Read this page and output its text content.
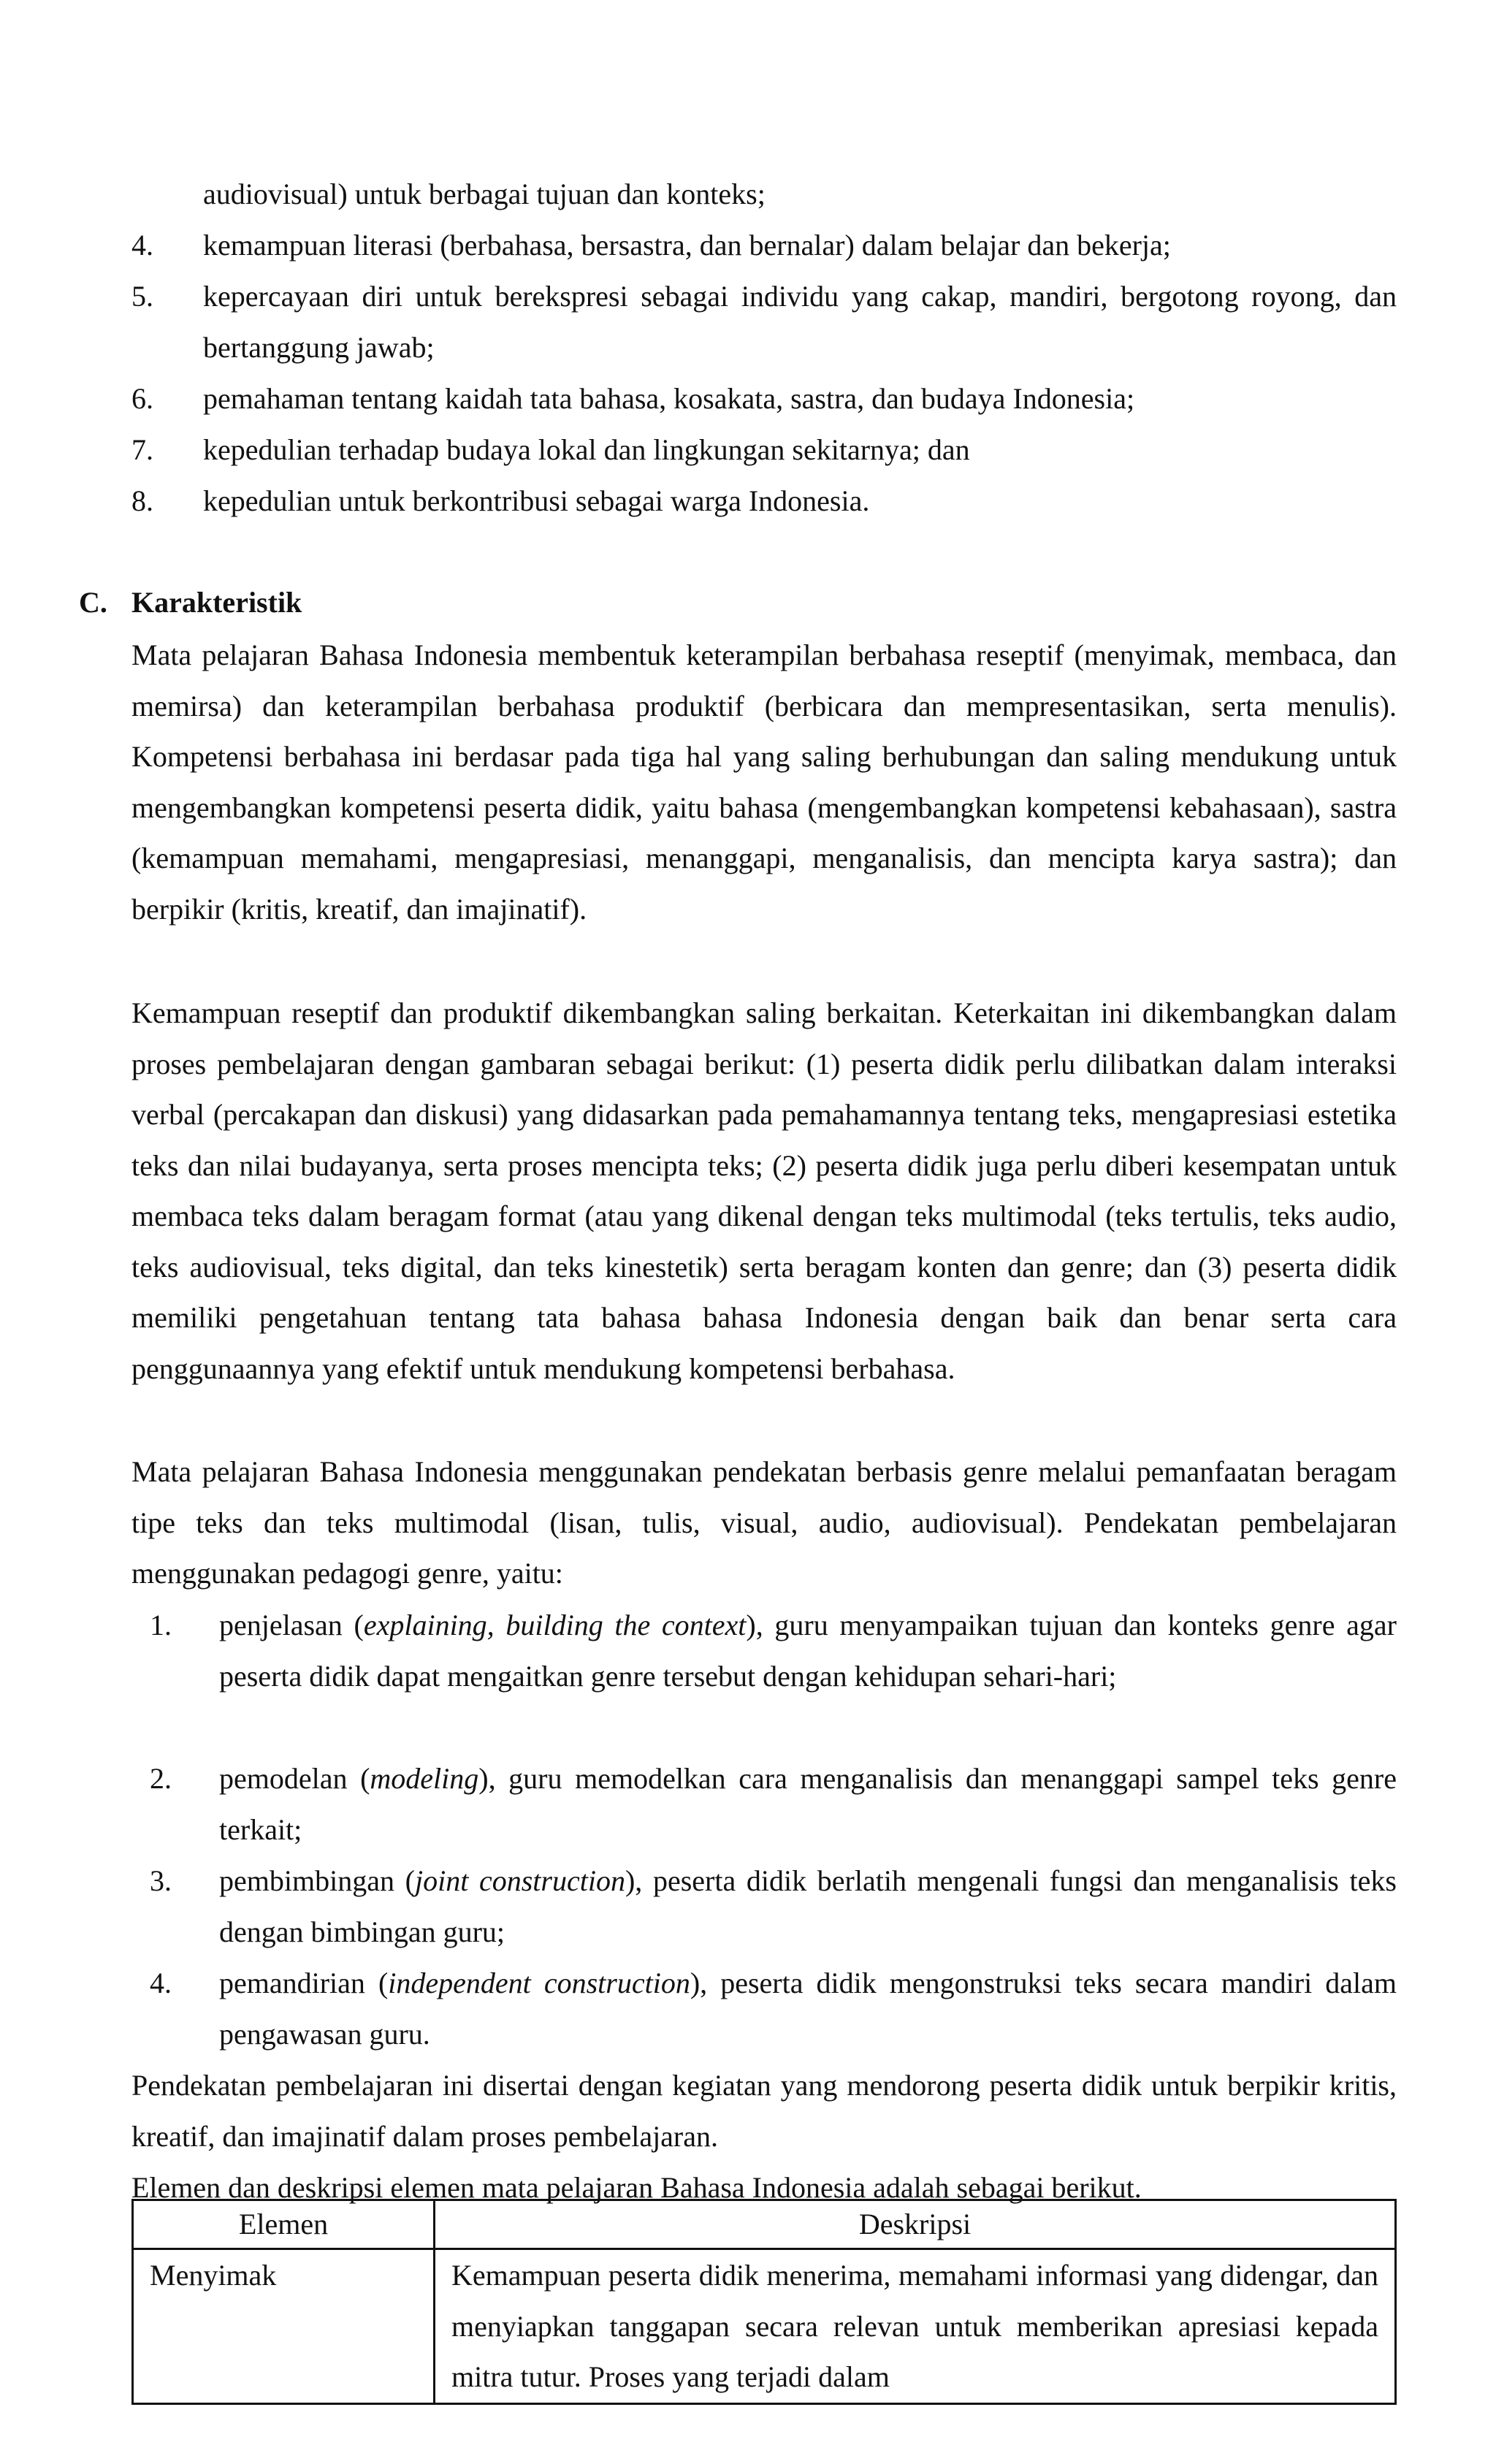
audiovisual) untuk berbagai tujuan dan konteks;
4. kemampuan literasi (berbahasa, bersastra, dan bernalar) dalam belajar dan bekerja;
5. kepercayaan diri untuk berekspresi sebagai individu yang cakap, mandiri, bergotong royong, dan bertanggung jawab;
6. pemahaman tentang kaidah tata bahasa, kosakata, sastra, dan budaya Indonesia;
7. kepedulian terhadap budaya lokal dan lingkungan sekitarnya; dan
8. kepedulian untuk berkontribusi sebagai warga Indonesia.
C. Karakteristik
Mata pelajaran Bahasa Indonesia membentuk keterampilan berbahasa reseptif (menyimak, membaca, dan memirsa) dan keterampilan berbahasa produktif (berbicara dan mempresentasikan, serta menulis). Kompetensi berbahasa ini berdasar pada tiga hal yang saling berhubungan dan saling mendukung untuk mengembangkan kompetensi peserta didik, yaitu bahasa (mengembangkan kompetensi kebahasaan), sastra (kemampuan memahami, mengapresiasi, menanggapi, menganalisis, dan mencipta karya sastra); dan berpikir (kritis, kreatif, dan imajinatif).
Kemampuan reseptif dan produktif dikembangkan saling berkaitan. Keterkaitan ini dikembangkan dalam proses pembelajaran dengan gambaran sebagai berikut: (1) peserta didik perlu dilibatkan dalam interaksi verbal (percakapan dan diskusi) yang didasarkan pada pemahamannya tentang teks, mengapresiasi estetika teks dan nilai budayanya, serta proses mencipta teks; (2) peserta didik juga perlu diberi kesempatan untuk membaca teks dalam beragam format (atau yang dikenal dengan teks multimodal (teks tertulis, teks audio, teks audiovisual, teks digital, dan teks kinestetik) serta beragam konten dan genre; dan (3) peserta didik memiliki pengetahuan tentang tata bahasa bahasa Indonesia dengan baik dan benar serta cara penggunaannya yang efektif untuk mendukung kompetensi berbahasa.
Mata pelajaran Bahasa Indonesia menggunakan pendekatan berbasis genre melalui pemanfaatan beragam tipe teks dan teks multimodal (lisan, tulis, visual, audio, audiovisual). Pendekatan pembelajaran menggunakan pedagogi genre, yaitu:
1. penjelasan (explaining, building the context), guru menyampaikan tujuan dan konteks genre agar peserta didik dapat mengaitkan genre tersebut dengan kehidupan sehari-hari;
2. pemodelan (modeling), guru memodelkan cara menganalisis dan menanggapi sampel teks genre terkait;
3. pembimbingan (joint construction), peserta didik berlatih mengenali fungsi dan menganalisis teks dengan bimbingan guru;
4. pemandirian (independent construction), peserta didik mengonstruksi teks secara mandiri dalam pengawasan guru.
Pendekatan pembelajaran ini disertai dengan kegiatan yang mendorong peserta didik untuk berpikir kritis, kreatif, dan imajinatif dalam proses pembelajaran.
Elemen dan deskripsi elemen mata pelajaran Bahasa Indonesia adalah sebagai berikut.
Elemen	Deskripsi
Menyimak	Kemampuan peserta didik menerima, memahami informasi yang didengar, dan menyiapkan tanggapan secara relevan untuk memberikan apresiasi kepada mitra tutur. Proses yang terjadi dalam
